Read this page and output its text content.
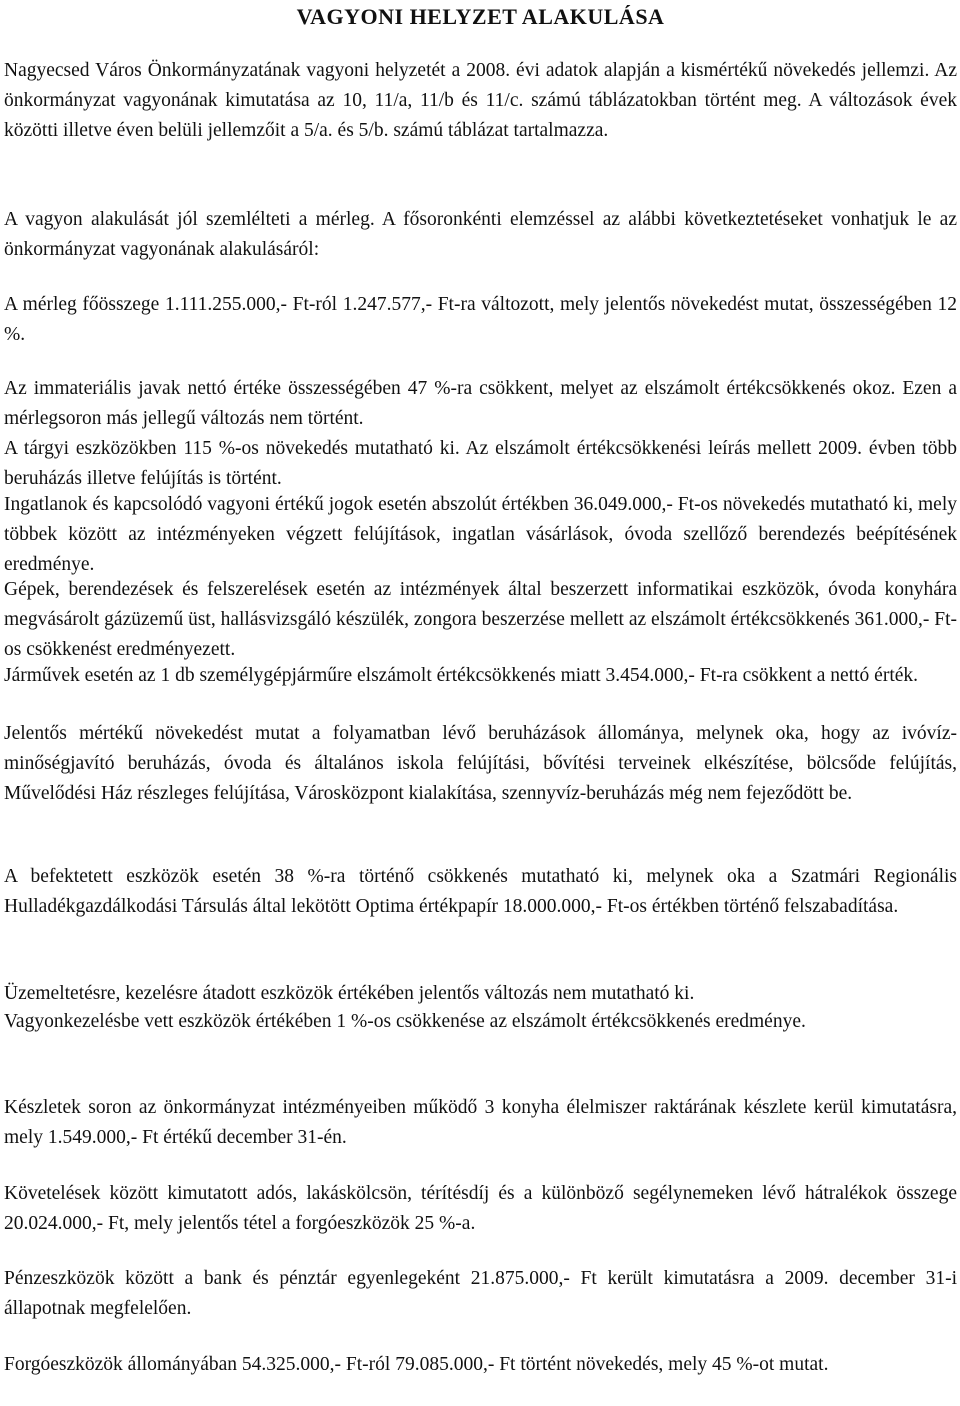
VAGYONI HELYZET ALAKULÁSA

Nagyecsed Város Önkormányzatának vagyoni helyzetét a 2008. évi adatok alapján a kismértékű növekedés jellemzi. Az önkormányzat vagyonának kimutatása az 10, 11/a, 11/b és 11/c. számú táblázatokban történt meg. A változások évek közötti illetve éven belüli jellemzőit a 5/a. és 5/b. számú táblázat tartalmazza.

A vagyon alakulását jól szemlélteti a mérleg. A fősoronkénti elemzéssel az alábbi következtetéseket vonhatjuk le az önkormányzat vagyonának alakulásáról:

A mérleg főösszege 1.111.255.000,- Ft-ról 1.247.577,- Ft-ra változott, mely jelentős növekedést mutat, összességében 12 %.

Az immateriális javak nettó értéke összességében 47 %-ra csökkent, melyet az elszámolt értékcsökkenés okoz. Ezen a mérlegsoron más jellegű változás nem történt.

A tárgyi eszközökben 115 %-os növekedés mutatható ki. Az elszámolt értékcsökkenési leírás mellett 2009. évben több beruházás illetve felújítás is történt.

Ingatlanok és kapcsolódó vagyoni értékű jogok esetén abszolút értékben 36.049.000,- Ft-os növekedés mutatható ki, mely többek között az intézményeken végzett felújítások, ingatlan vásárlások, óvoda szellőző berendezés beépítésének eredménye.

Gépek, berendezések és felszerelések esetén az intézmények által beszerzett informatikai eszközök, óvoda konyhára megvásárolt gázüzemű üst, hallásvizsgáló készülék, zongora beszerzése mellett az elszámolt értékcsökkenés 361.000,- Ft-os csökkenést eredményezett.

Járművek esetén az 1 db személygépjárműre elszámolt értékcsökkenés miatt 3.454.000,- Ft-ra csökkent a nettó érték.

Jelentős mértékű növekedést mutat a folyamatban lévő beruházások állománya, melynek oka, hogy az ivóvíz-minőségjavító beruházás, óvoda és általános iskola felújítási, bővítési terveinek elkészítése, bölcsőde felújítás, Művelődési Ház részleges felújítása, Városközpont kialakítása, szennyvíz-beruházás még nem fejeződött be.

A befektetett eszközök esetén 38 %-ra történő csökkenés mutatható ki, melynek oka a Szatmári Regionális Hulladékgazdálkodási Társulás által lekötött Optima értékpapír 18.000.000,- Ft-os értékben történő felszabadítása.

Üzemeltetésre, kezelésre átadott eszközök értékében jelentős változás nem mutatható ki.

Vagyonkezelésbe vett eszközök értékében 1 %-os csökkenése az elszámolt értékcsökkenés eredménye.

Készletek soron az önkormányzat intézményeiben működő 3 konyha élelmiszer raktárának készlete kerül kimutatásra, mely 1.549.000,- Ft értékű december 31-én.

Követelések között kimutatott adós, lakáskölcsön, térítésdíj és a különböző segélynemeken lévő hátralékok összege 20.024.000,- Ft, mely jelentős tétel a forgóeszközök 25 %-a.

Pénzeszközök között a bank és pénztár egyenlegeként 21.875.000,- Ft került kimutatásra a 2009. december 31-i állapotnak megfelelően.

Forgóeszközök állományában 54.325.000,- Ft-ról 79.085.000,- Ft történt növekedés, mely 45 %-ot mutat.
